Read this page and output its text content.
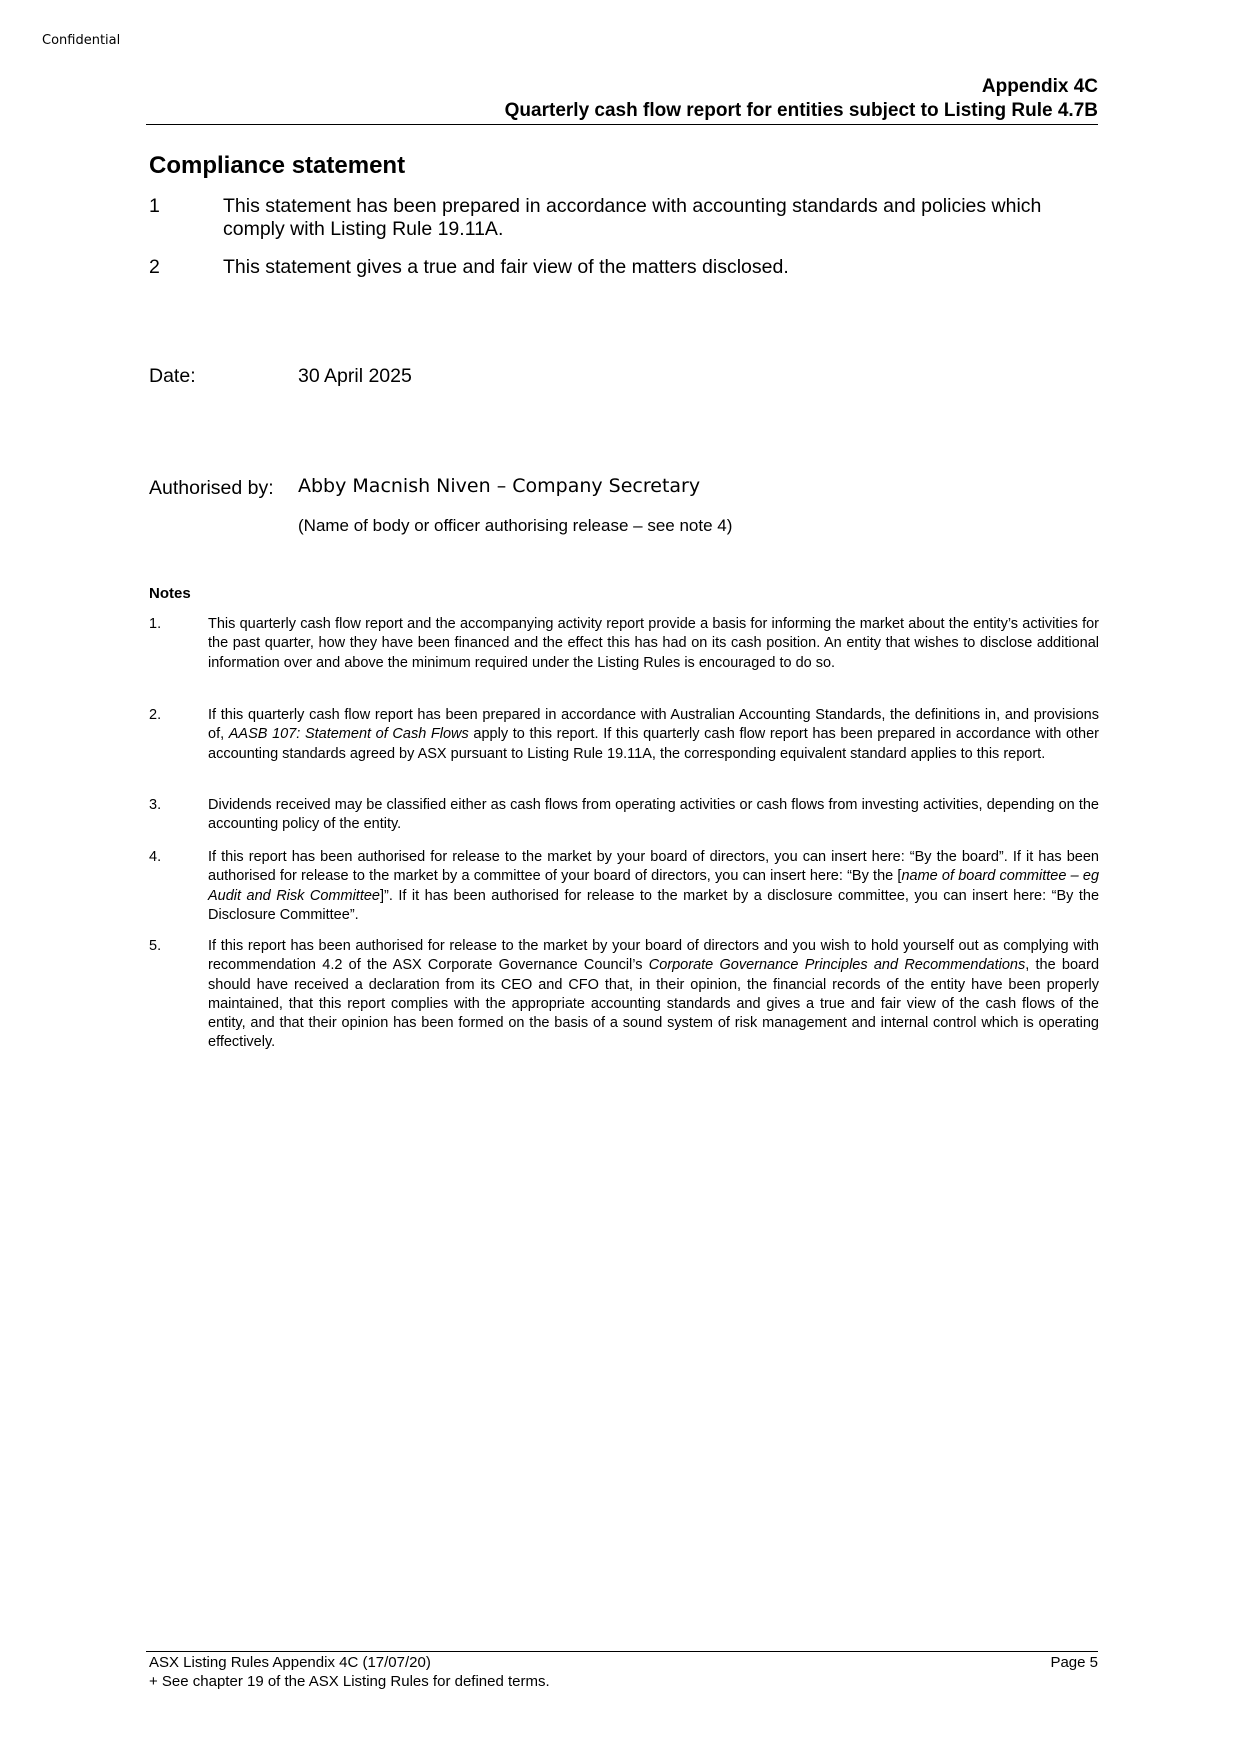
Confidential
Appendix 4C
Quarterly cash flow report for entities subject to Listing Rule 4.7B
Compliance statement
1	This statement has been prepared in accordance with accounting standards and policies which comply with Listing Rule 19.11A.
2	This statement gives a true and fair view of the matters disclosed.
Date:	30 April 2025
Authorised by: Abby Macnish Niven – Company Secretary
(Name of body or officer authorising release – see note 4)
Notes
1.	This quarterly cash flow report and the accompanying activity report provide a basis for informing the market about the entity’s activities for the past quarter, how they have been financed and the effect this has had on its cash position. An entity that wishes to disclose additional information over and above the minimum required under the Listing Rules is encouraged to do so.
2.	If this quarterly cash flow report has been prepared in accordance with Australian Accounting Standards, the definitions in, and provisions of, AASB 107: Statement of Cash Flows apply to this report. If this quarterly cash flow report has been prepared in accordance with other accounting standards agreed by ASX pursuant to Listing Rule 19.11A, the corresponding equivalent standard applies to this report.
3.	Dividends received may be classified either as cash flows from operating activities or cash flows from investing activities, depending on the accounting policy of the entity.
4.	If this report has been authorised for release to the market by your board of directors, you can insert here: “By the board”. If it has been authorised for release to the market by a committee of your board of directors, you can insert here: “By the [name of board committee – eg Audit and Risk Committee]”. If it has been authorised for release to the market by a disclosure committee, you can insert here: “By the Disclosure Committee”.
5.	If this report has been authorised for release to the market by your board of directors and you wish to hold yourself out as complying with recommendation 4.2 of the ASX Corporate Governance Council’s Corporate Governance Principles and Recommendations, the board should have received a declaration from its CEO and CFO that, in their opinion, the financial records of the entity have been properly maintained, that this report complies with the appropriate accounting standards and gives a true and fair view of the cash flows of the entity, and that their opinion has been formed on the basis of a sound system of risk management and internal control which is operating effectively.
ASX Listing Rules Appendix 4C (17/07/20)	Page 5
+ See chapter 19 of the ASX Listing Rules for defined terms.
